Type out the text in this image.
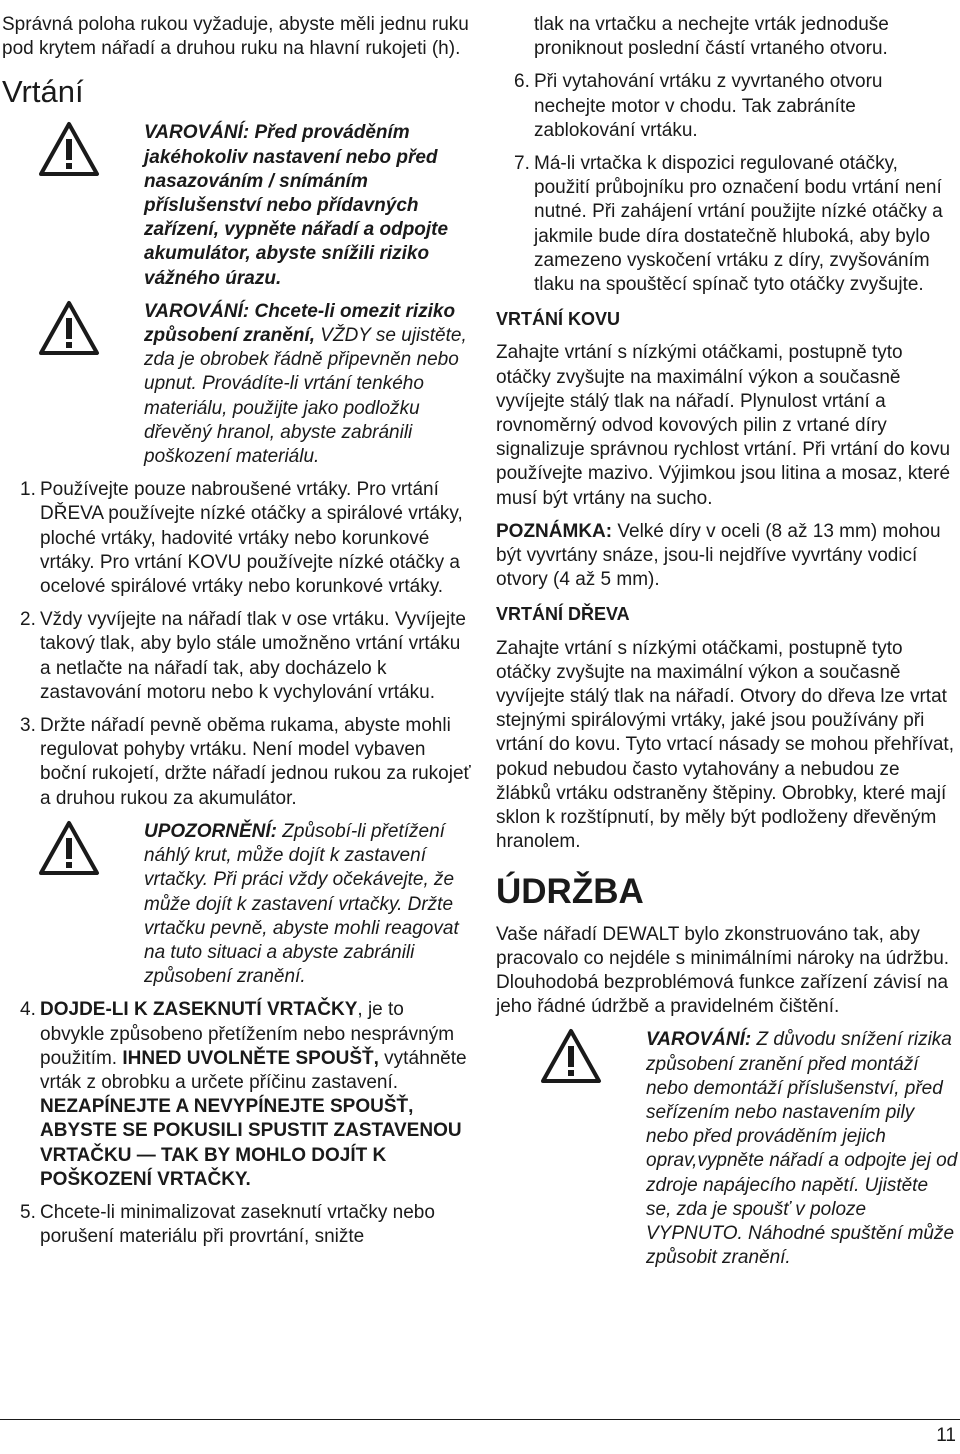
Správná poloha rukou vyžaduje, abyste měli jednu ruku pod krytem nářadí a druhou ruku na hlavní rukojeti (h).

Vrtání
VAROVÁNÍ: Před prováděním jakéhokoliv nastavení nebo před nasazováním / snímáním příslušenství nebo přídavných zařízení, vypněte nářadí a odpojte akumulátor, abyste snížili riziko vážného úrazu.
VAROVÁNÍ: Chcete-li omezit riziko způsobení zranění, VŽDY se ujistěte, zda je obrobek řádně připevněn nebo upnut. Provádíte-li vrtání tenkého materiálu, použijte jako podložku dřevěný hranol, abyste zabránili poškození materiálu.
1. Používejte pouze nabroušené vrtáky. Pro vrtání DŘEVA používejte nízké otáčky a spirálové vrtáky, ploché vrtáky, hadovité vrtáky nebo korunkové vrtáky. Pro vrtání KOVU používejte nízké otáčky a ocelové spirálové vrtáky nebo korunkové vrtáky.
2. Vždy vyvíjejte na nářadí tlak v ose vrtáku. Vyvíjejte takový tlak, aby bylo stále umožněno vrtání vrtáku a netlačte na nářadí tak, aby docházelo k zastavování motoru nebo k vychylování vrtáku.
3. Držte nářadí pevně oběma rukama, abyste mohli regulovat pohyby vrtáku. Není model vybaven boční rukojetí, držte nářadí jednou rukou za rukojeť a druhou rukou za akumulátor.
UPOZORNĚNÍ: Způsobí-li přetížení náhlý krut, může dojít k zastavení vrtačky. Při práci vždy očekávejte, že může dojít k zastavení vrtačky. Držte vrtačku pevně, abyste mohli reagovat na tuto situaci a abyste zabránili způsobení zranění.
4. DOJDE-LI K ZASEKNUTÍ VRTAČKY, je to obvykle způsobeno přetížením nebo nesprávným použitím. IHNED UVOLNĚTE SPOUŠŤ, vytáhněte vrták z obrobku a určete příčinu zastavení. NEZAPÍNEJTE A NEVYPÍNEJTE SPOUŠŤ, ABYSTE SE POKUSILI SPUSTIT ZASTAVENOU VRTAČKU — TAK BY MOHLO DOJÍT K POŠKOZENÍ VRTAČKY.
5. Chcete-li minimalizovat zaseknutí vrtačky nebo porušení materiálu při provrtání, snižte
tlak na vrtačku a nechejte vrták jednoduše proniknout poslední částí vrtaného otvoru.
6. Při vytahování vrtáku z vyvrtaného otvoru nechejte motor v chodu. Tak zabráníte zablokování vrtáku.
7. Má-li vrtačka k dispozici regulované otáčky, použití průbojníku pro označení bodu vrtání není nutné. Při zahájení vrtání použijte nízké otáčky a jakmile bude díra dostatečně hluboká, aby bylo zamezeno vyskočení vrtáku z díry, zvyšováním tlaku na spouštěcí spínač tyto otáčky zvyšujte.
VRTÁNÍ KOVU

Zahajte vrtání s nízkými otáčkami, postupně tyto otáčky zvyšujte na maximální výkon a současně vyvíjejte stálý tlak na nářadí. Plynulost vrtání a rovnoměrný odvod kovových pilin z vrtané díry signalizuje správnou rychlost vrtání. Při vrtání do kovu používejte mazivo. Výjimkou jsou litina a mosaz, které musí být vrtány na sucho.

POZNÁMKA: Velké díry v oceli (8 až 13 mm) mohou být vyvrtány snáze, jsou-li nejdříve vyvrtány vodicí otvory (4 až 5 mm).

VRTÁNÍ DŘEVA

Zahajte vrtání s nízkými otáčkami, postupně tyto otáčky zvyšujte na maximální výkon a současně vyvíjejte stálý tlak na nářadí. Otvory do dřeva lze vrtat stejnými spirálovými vrtáky, jaké jsou používány při vrtání do kovu. Tyto vrtací násady se mohou přehřívat, pokud nebudou často vytahovány a nebudou ze žlábků vrtáku odstraněny štěpiny. Obrobky, které mají sklon k rozštípnutí, by měly být podloženy dřevěným hranolem.

ÚDRŽBA

Vaše nářadí DEWALT bylo zkonstruováno tak, aby pracovalo co nejdéle s minimálními nároky na údržbu. Dlouhodobá bezproblémová funkce zařízení závisí na jeho řádné údržbě a pravidelném čištění.

VAROVÁNÍ: Z důvodu snížení rizika způsobení zranění před montáží nebo demontáží příslušenství, před seřízením nebo nastavením pily nebo před prováděním jejich oprav,vypněte nářadí a odpojte jej od zdroje napájecího napětí. Ujistěte se, zda je spoušť v poloze VYPNUTO. Náhodné spuštění může způsobit zranění.
11
